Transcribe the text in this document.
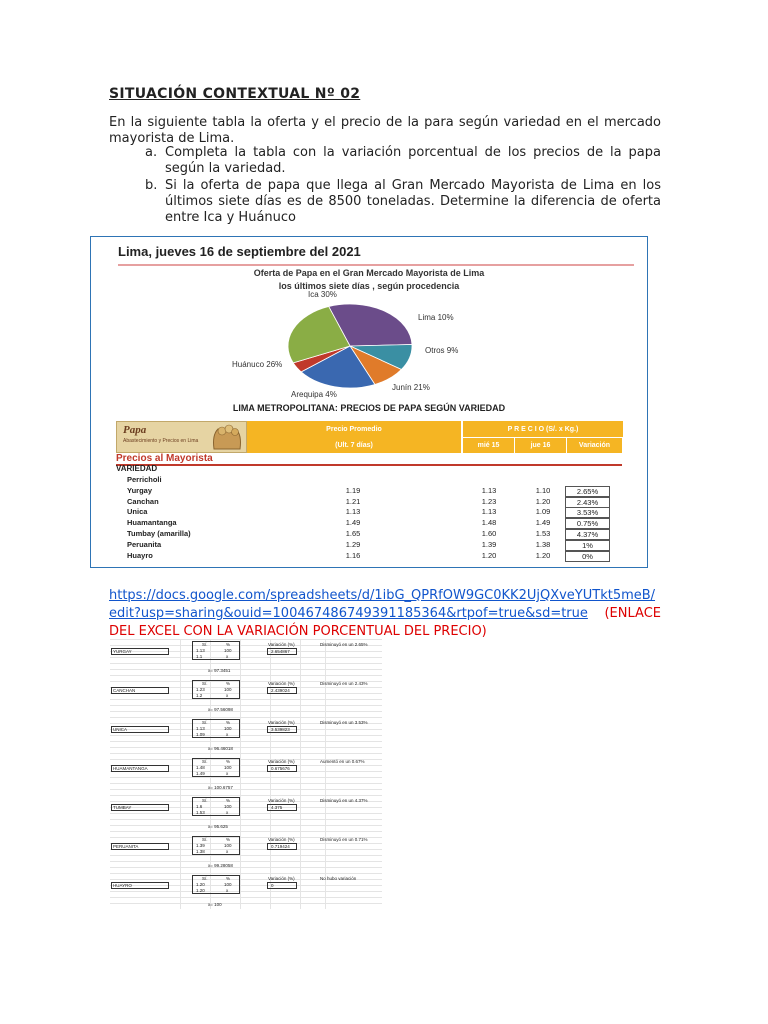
SITUACIÓN CONTEXTUAL Nº 02
En la siguiente tabla la oferta y el precio de la para según variedad en el mercado mayorista de Lima.
a. Completa la tabla con la variación porcentual de los precios de la papa según la variedad.
b. Si la oferta de papa que llega al Gran Mercado Mayorista de Lima en los últimos siete días es de 8500 toneladas. Determine la diferencia de oferta entre Ica y Huánuco
Lima, jueves 16 de septiembre del 2021
Oferta de Papa en el Gran Mercado Mayorista de Lima
los últimos siete días , según procedencia
Ica 30%
Lima 10%
Otros 9%
Junín 21%
Arequipa 4%
Huánuco 26%
LIMA METROPOLITANA: PRECIOS DE PAPA SEGÚN VARIEDAD
Papa
Abastecimiento y Precios en Lima
Precio Promedio
(Ult. 7 días)
P R E C I O (S/. x Kg.)
mié 15	jue 16	Variación
Precios al Mayorista
VARIEDAD
Perricholi
Yurgay	1.19	1.13	1.10	2.65%
Canchan	1.21	1.23	1.20	2.43%
Unica	1.13	1.13	1.09	3.53%
Huamantanga	1.49	1.48	1.49	0.75%
Tumbay (amarilla)	1.65	1.60	1.53	4.37%
Peruanita	1.29	1.39	1.38	1%
Huayro	1.16	1.20	1.20	0%
https://docs.google.com/spreadsheets/d/1ibG_QPRfOW9GC0KK2UjQXveYUTkt5meB/edit?usp=sharing&ouid=100467486749391185364&rtpof=true&sd=true (ENLACE DEL EXCEL CON LA VARIACIÓN PORCENTUAL DEL PRECIO)
YURGAY
S/.	%
1.13	100
1.1	x
x= 97.3451
Variación (%)
2.654867
Disminuyó en un 2.65%
CANCHAN
S/.	%
1.23	100
1.2	x
x= 97.56098
Variación (%)
2.439024
Disminuyó en un 2.43%
UNICA
S/.	%
1.13	100
1.09	x
x= 96.46018
Variación (%)
3.539823
Disminuyó en un 3.53%
HUAMANTANGA
S/.	%
1.48	100
1.49	x
x= 100.6757
Variación (%)
0.675676
Aumentó en un 0.67%
TUMBAY
S/.	%
1.6	100
1.53	x
x= 95.625
Variación (%)
4.375
Disminuyó en un 4.37%
PERUANITA
S/.	%
1.39	100
1.38	x
x= 99.28058
Variación (%)
0.719424
Disminuyó en un 0.71%
HUAYRO
S/.	%
1.20	100
1.20	x
x= 100
Variación (%)
0
No hubo variación
